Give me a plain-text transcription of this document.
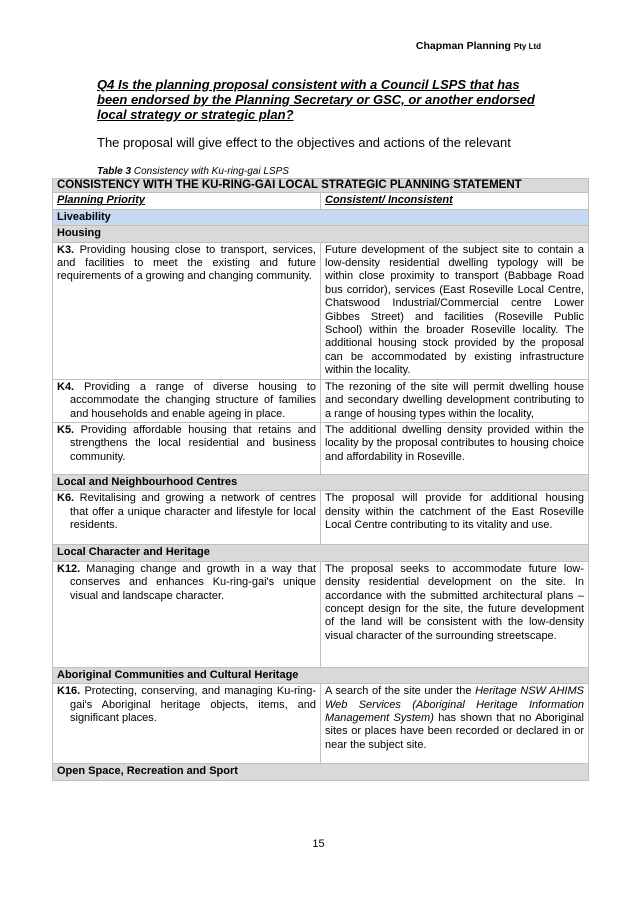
Chapman Planning Pty Ltd
Q4 Is the planning proposal consistent with a Council LSPS that has been endorsed by the Planning Secretary or GSC, or another endorsed local strategy or strategic plan?
The proposal will give effect to the objectives and actions of the relevant
Table 3 Consistency with Ku-ring-gai LSPS
CONSISTENCY WITH THE KU-RING-GAI LOCAL STRATEGIC PLANNING STATEMENT	
Planning Priority	Consistent/ Inconsistent
Liveability	
Housing	
K3. Providing housing close to transport, services, and facilities to meet the existing and future requirements of a growing and changing community.	Future development of the subject site to contain a low-density residential dwelling typology will be within close proximity to transport (Babbage Road bus corridor), services (East Roseville Local Centre, Chatswood Industrial/Commercial centre Lower Gibbes Street) and facilities (Roseville Public School) within the broader Roseville locality. The additional housing stock provided by the proposal can be accommodated by existing infrastructure within the locality.
K4. Providing a range of diverse housing to accommodate the changing structure of families and households and enable ageing in place.	The rezoning of the site will permit dwelling house and secondary dwelling development contributing to a range of housing types within the locality,
K5. Providing affordable housing that retains and strengthens the local residential and business community.	The additional dwelling density provided within the locality by the proposal contributes to housing choice and affordability in Roseville.
Local and Neighbourhood Centres	
K6. Revitalising and growing a network of centres that offer a unique character and lifestyle for local residents.	The proposal will provide for additional housing density within the catchment of the East Roseville Local Centre contributing to its vitality and use.
Local Character and Heritage	
K12. Managing change and growth in a way that conserves and enhances Ku-ring-gai's unique visual and landscape character.	The proposal seeks to accommodate future low-density residential development on the site. In accordance with the submitted architectural plans – concept design for the site, the future development of the land will be consistent with the low-density visual character of the surrounding streetscape.
Aboriginal Communities and Cultural Heritage	
K16. Protecting, conserving, and managing Ku-ring-gai's Aboriginal heritage objects, items, and significant places.	A search of the site under the Heritage NSW AHIMS Web Services (Aboriginal Heritage Information Management System) has shown that no Aboriginal sites or places have been recorded or declared in or near the subject site.
Open Space, Recreation and Sport	
15
